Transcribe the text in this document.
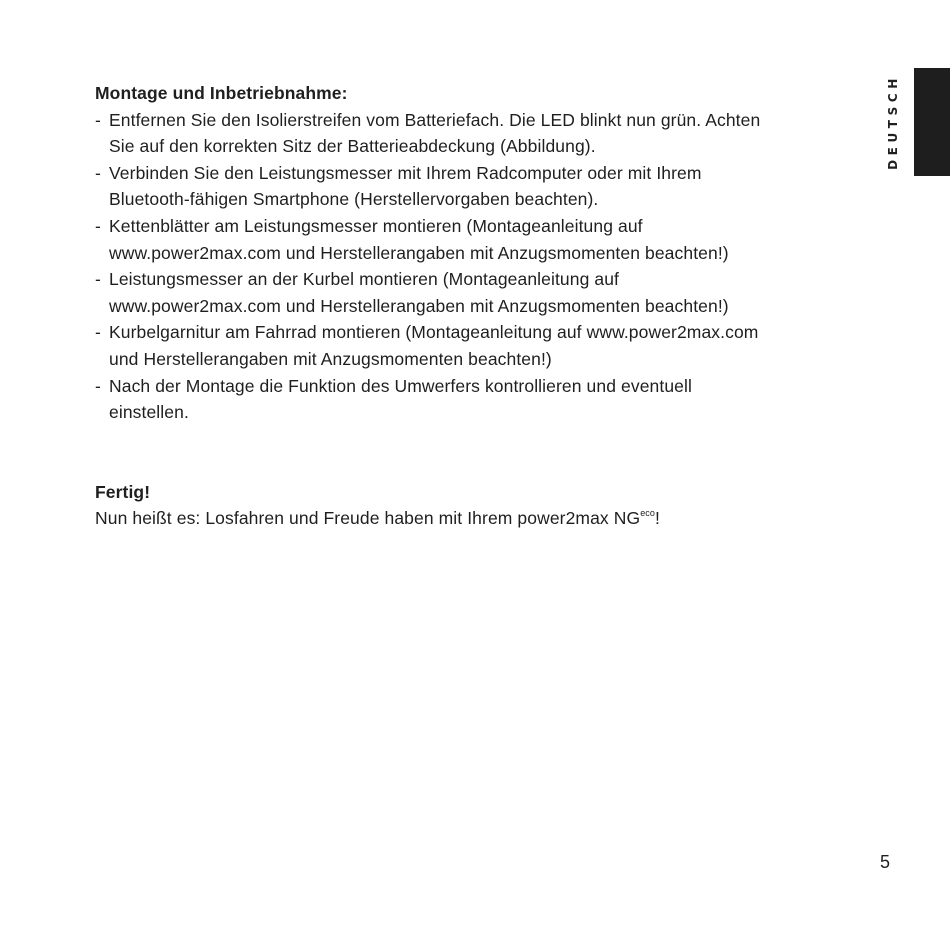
DEUTSCH
Montage und Inbetriebnahme:
- Entfernen Sie den Isolierstreifen vom Batteriefach. Die LED blinkt nun grün. Achten Sie auf den korrekten Sitz der Batterieabdeckung (Abbildung).
- Verbinden Sie den Leistungsmesser mit Ihrem Radcomputer oder mit Ihrem Bluetooth-fähigen Smartphone (Herstellervorgaben beachten).
- Kettenblätter am Leistungsmesser montieren (Montageanleitung auf www.power2max.com und Herstellerangaben mit Anzugsmomenten beachten!)
- Leistungsmesser an der Kurbel montieren (Montageanleitung auf www.power2max.com und Herstellerangaben mit Anzugsmomenten beachten!)
- Kurbelgarnitur am Fahrrad montieren (Montageanleitung auf www.power2max.com und Herstellerangaben mit Anzugsmomenten beachten!)
- Nach der Montage die Funktion des Umwerfers kontrollieren und eventuell einstellen.
Fertig!
Nun heißt es: Losfahren und Freude haben mit Ihrem power2max $NG^{eco}$!
5
